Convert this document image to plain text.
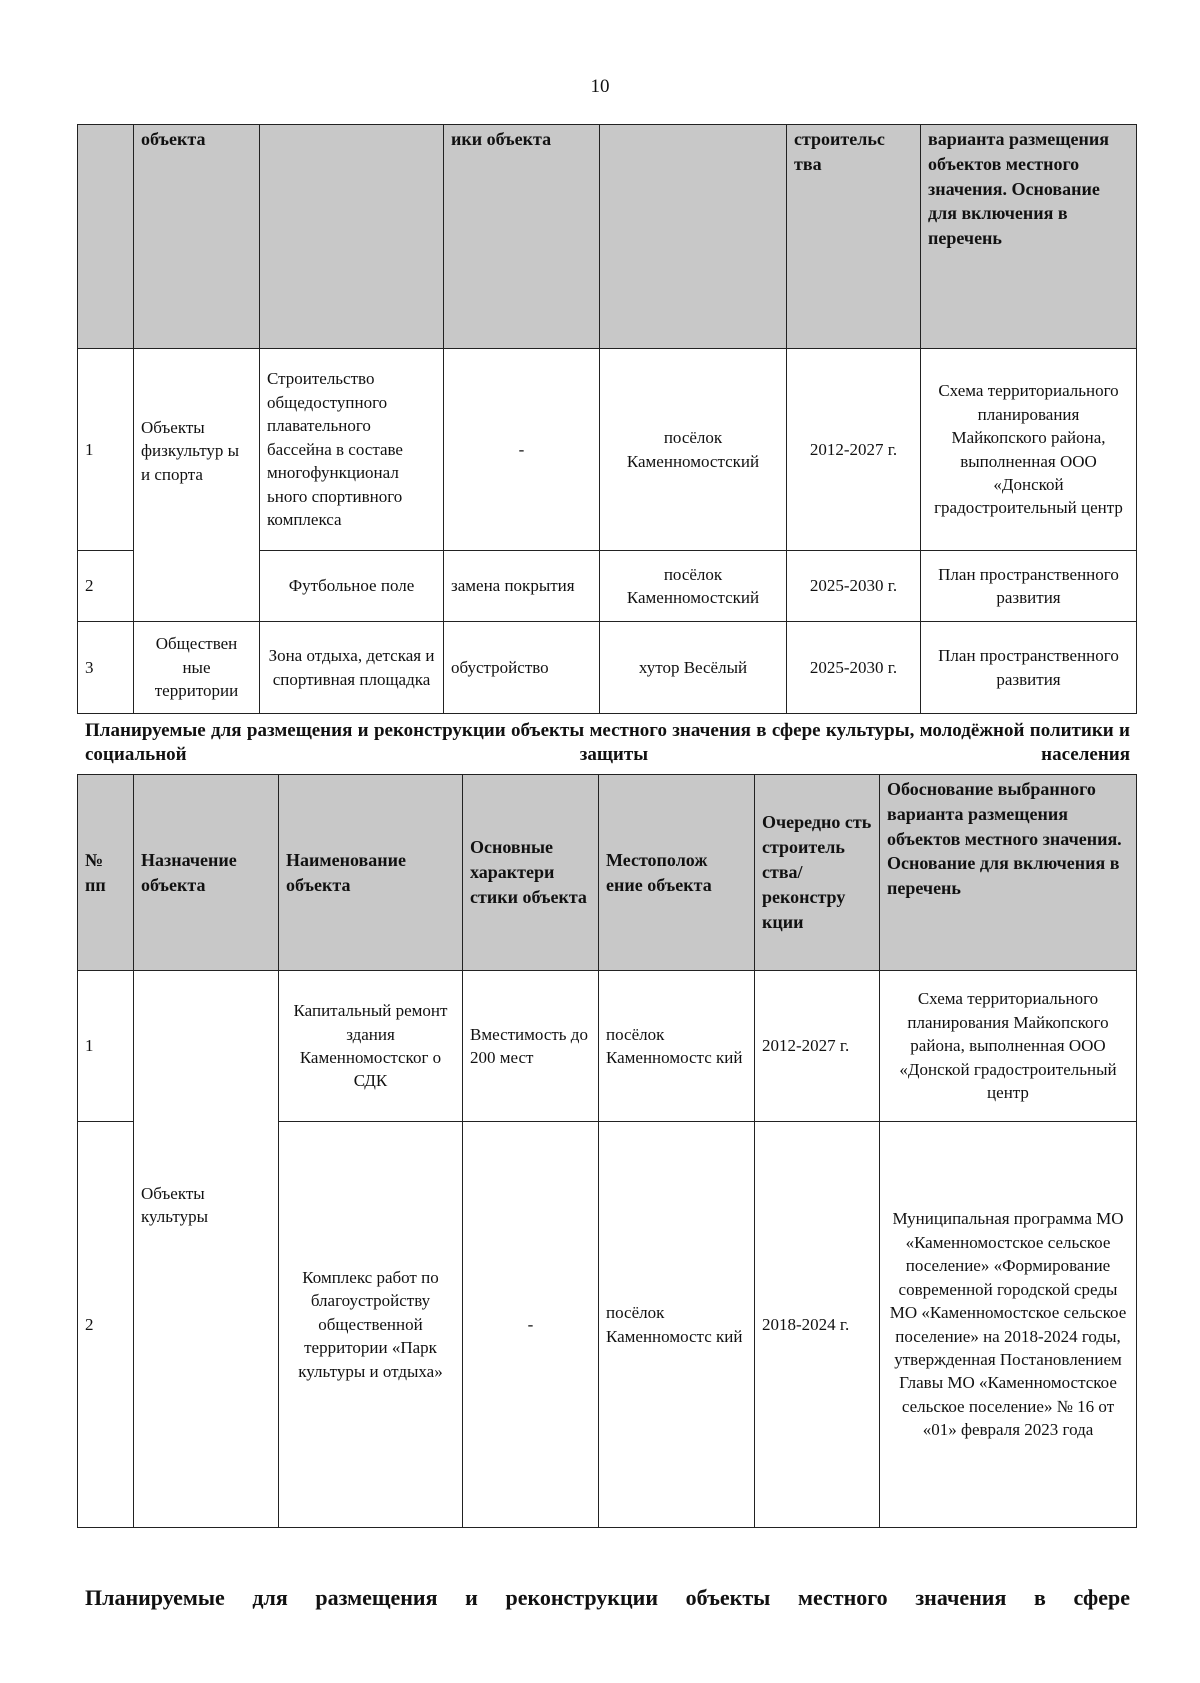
10
	объекта		ики объекта		строительс тва	варианта размещения объектов местного значения. Основание для включения в перечень
1	Объекты физкультур ы и спорта	Строительство общедоступного плавательного бассейна в составе многофункционал ьного спортивного комплекса	-	посёлок Каменномостский	2012-2027 г.	Схема территориального планирования Майкопского района, выполненная ООО «Донской градостроительный центр
2		Футбольное поле	замена покрытия	посёлок Каменномостский	2025-2030 г.	План пространственного развития
3	Обществен ные территории	Зона отдыха, детская и спортивная площадка	обустройство	хутор Весёлый	2025-2030 г.	План пространственного развития
Планируемые для размещения и реконструкции объекты местного значения в сфере культуры, молодёжной политики и социальной защиты населения
№ пп	Назначение объекта	Наименование объекта	Основные характери стики объекта	Местополож ение объекта	Очередно сть строитель ства/ реконстру кции	Обоснование выбранного варианта размещения объектов местного значения. Основание для включения в перечень
1	Объекты культуры	Капитальный ремонт здания Каменномостског о СДК	Вместимость до 200 мест	посёлок Каменномостс кий	2012-2027 г.	Схема территориального планирования Майкопского района, выполненная ООО «Донской градостроительный центр
2		Комплекс работ по благоустройству общественной территории «Парк культуры и отдыха»	-	посёлок Каменномостс кий	2018-2024 г.	Муниципальная программа МО «Каменномостское сельское поселение» «Формирование современной городской среды МО «Каменномостское сельское поселение» на 2018-2024 годы, утвержденная Постановлением Главы МО «Каменномостское сельское поселение» № 16 от «01» февраля 2023 года
Планируемые для размещения и реконструкции объекты местного значения в сфере
